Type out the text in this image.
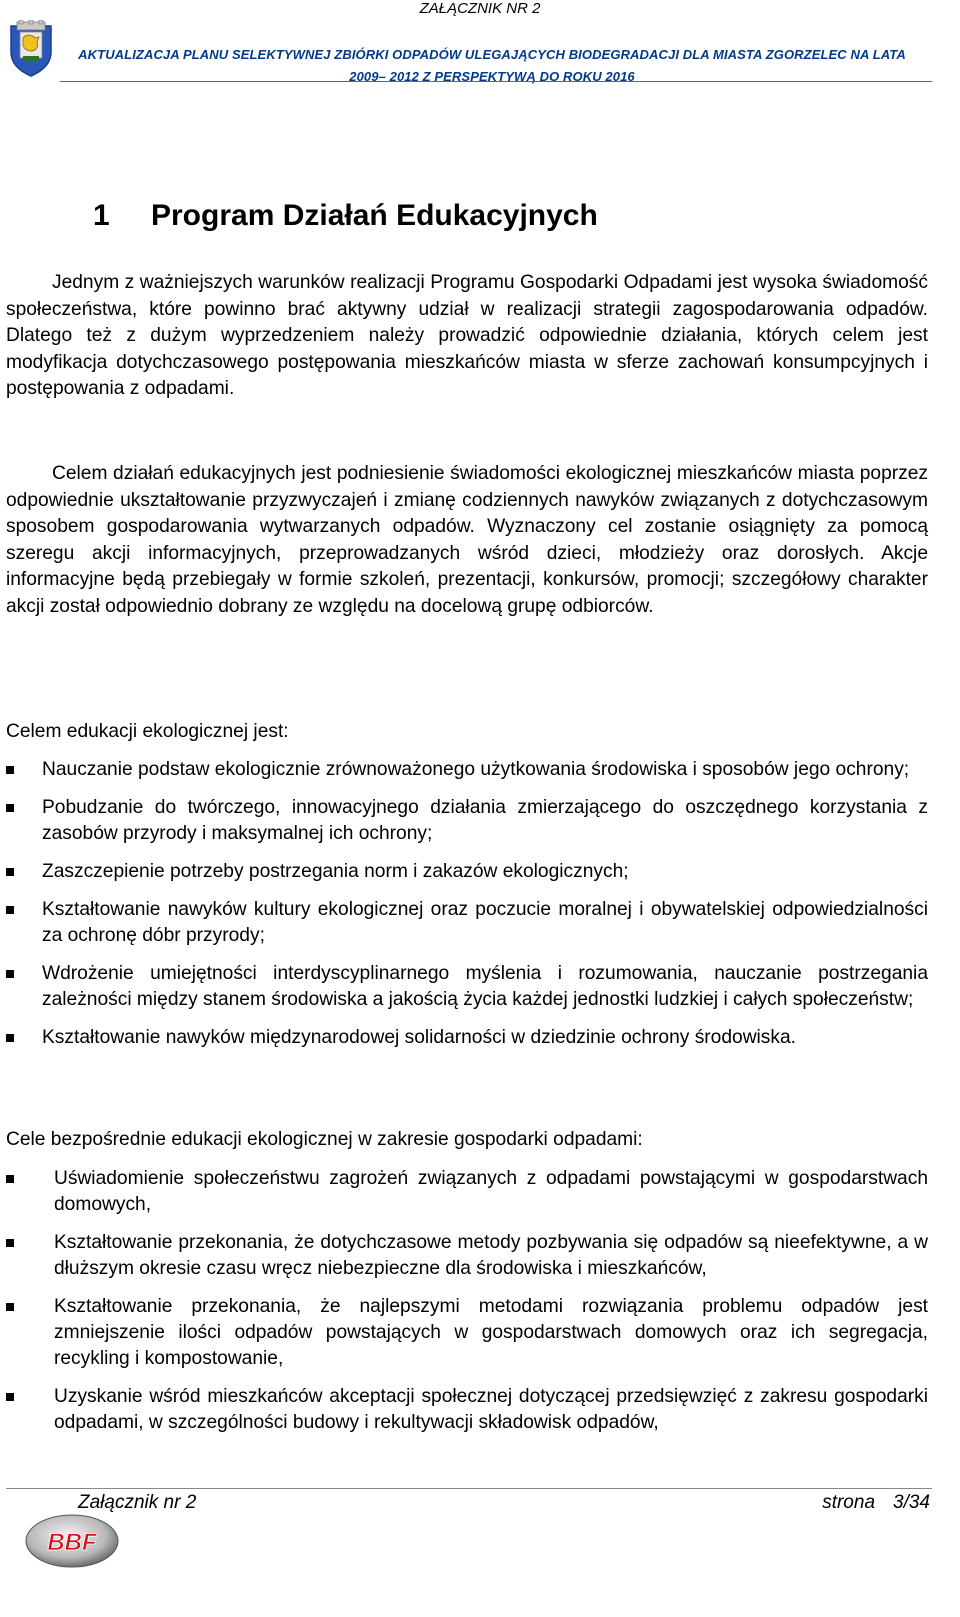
ZAŁĄCZNIK NR 2
AKTUALIZACJA PLANU SELEKTYWNEJ ZBIÓRKI ODPADÓW ULEGAJĄCYCH BIODEGRADACJI DLA MIASTA ZGORZELEC NA LATA
2009– 2012 Z PERSPEKTYWĄ DO ROKU 2016
1 Program Działań Edukacyjnych

Jednym z ważniejszych warunków realizacji Programu Gospodarki Odpadami jest wysoka świadomość społeczeństwa, które powinno brać aktywny udział w realizacji strategii zagospodarowania odpadów. Dlatego też z dużym wyprzedzeniem należy prowadzić odpowiednie działania, których celem jest modyfikacja dotychczasowego postępowania mieszkańców miasta w sferze zachowań konsumpcyjnych i postępowania z odpadami.

Celem działań edukacyjnych jest podniesienie świadomości ekologicznej mieszkańców miasta poprzez odpowiednie ukształtowanie przyzwyczajeń i zmianę codziennych nawyków związanych z dotychczasowym sposobem gospodarowania wytwarzanych odpadów. Wyznaczony cel zostanie osiągnięty za pomocą szeregu akcji informacyjnych, przeprowadzanych wśród dzieci, młodzieży oraz dorosłych. Akcje informacyjne będą przebiegały w formie szkoleń, prezentacji, konkursów, promocji; szczegółowy charakter akcji został odpowiednio dobrany ze względu na docelową grupę odbiorców.

Celem edukacji ekologicznej jest:

Nauczanie podstaw ekologicznie zrównoważonego użytkowania środowiska i sposobów jego ochrony;
Pobudzanie do twórczego, innowacyjnego działania zmierzającego do oszczędnego korzystania z zasobów przyrody i maksymalnej ich ochrony;
Zaszczepienie potrzeby postrzegania norm i zakazów ekologicznych;
Kształtowanie nawyków kultury ekologicznej oraz poczucie moralnej i obywatelskiej odpowiedzialności za ochronę dóbr przyrody;
Wdrożenie umiejętności interdyscyplinarnego myślenia i rozumowania, nauczanie postrzegania zależności między stanem środowiska a jakością życia każdej jednostki ludzkiej i całych społeczeństw;
Kształtowanie nawyków międzynarodowej solidarności w dziedzinie ochrony środowiska.

Cele bezpośrednie edukacji ekologicznej w zakresie gospodarki odpadami:

Uświadomienie społeczeństwu zagrożeń związanych z odpadami powstającymi w gospodarstwach domowych,
Kształtowanie przekonania, że dotychczasowe metody pozbywania się odpadów są nieefektywne, a w dłuższym okresie czasu wręcz niebezpieczne dla środowiska i mieszkańców,
Kształtowanie przekonania, że najlepszymi metodami rozwiązania problemu odpadów jest zmniejszenie ilości odpadów powstających w gospodarstwach domowych oraz ich segregacja, recykling i kompostowanie,
Uzyskanie wśród mieszkańców akceptacji społecznej dotyczącej przedsięwzięć z zakresu gospodarki odpadami, w szczególności budowy i rekultywacji składowisk odpadów,
Załącznik nr 2	strona 3/34
BBF
